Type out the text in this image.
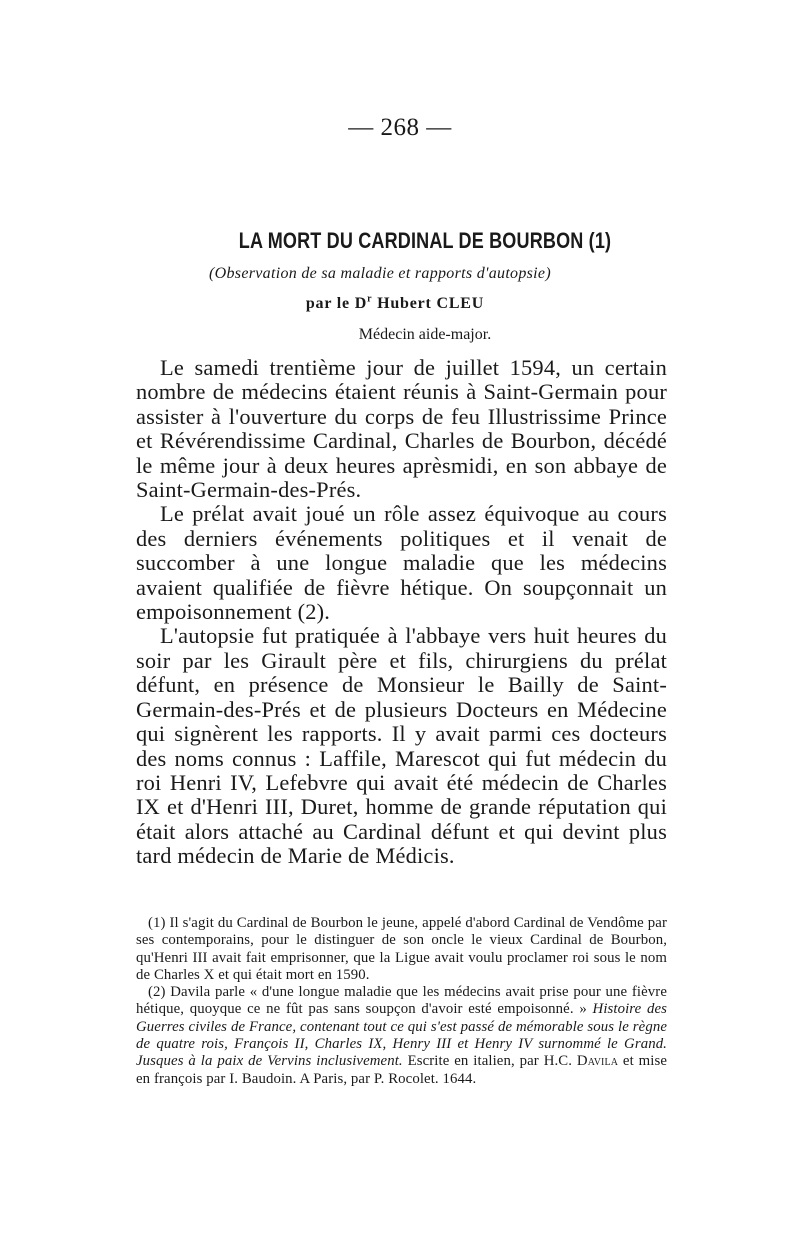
— 268 —
LA MORT DU CARDINAL DE BOURBON (1)
(Observation de sa maladie et rapports d'autopsie)
par le $D^r$ Hubert CLEU
Médecin aide-major.

Le samedi trentième jour de juillet 1594, un certain nombre de médecins étaient réunis à Saint-Germain pour assister à l'ouverture du corps de feu Illustrissime Prince et Révérendissime Cardinal, Charles de Bourbon, décédé le même jour à deux heures aprèsmidi, en son abbaye de Saint-Germain-des-Prés.

Le prélat avait joué un rôle assez équivoque au cours des derniers événements politiques et il venait de succomber à une longue maladie que les médecins avaient qualifiée de fièvre hétique. On soupçonnait un empoisonnement (2).

L'autopsie fut pratiquée à l'abbaye vers huit heures du soir par les Girault père et fils, chirurgiens du prélat défunt, en présence de Monsieur le Bailly de Saint-Germain-des-Prés et de plusieurs Docteurs en Médecine qui signèrent les rapports. Il y avait parmi ces docteurs des noms connus : Laffile, Marescot qui fut médecin du roi Henri IV, Lefebvre qui avait été médecin de Charles IX et d'Henri III, Duret, homme de grande réputation qui était alors attaché au Cardinal défunt et qui devint plus tard médecin de Marie de Médicis.

(1) Il s'agit du Cardinal de Bourbon le jeune, appelé d'abord Cardinal de Vendôme par ses contemporains, pour le distinguer de son oncle le vieux Cardinal de Bourbon, qu'Henri III avait fait emprisonner, que la Ligue avait voulu proclamer roi sous le nom de Charles X et qui était mort en 1590.

(2) Davila parle « d'une longue maladie que les médecins avait prise pour une fièvre hétique, quoyque ce ne fût pas sans soupçon d'avoir esté empoisonné. » Histoire des Guerres civiles de France, contenant tout ce qui s'est passé de mémorable sous le règne de quatre rois, François II, Charles IX, Henry III et Henry IV surnommé le Grand. Jusques à la paix de Vervins inclusivement. Escrite en italien, par H.C. Davila et mise en françois par I. Baudoin. A Paris, par P. Rocolet. 1644.
